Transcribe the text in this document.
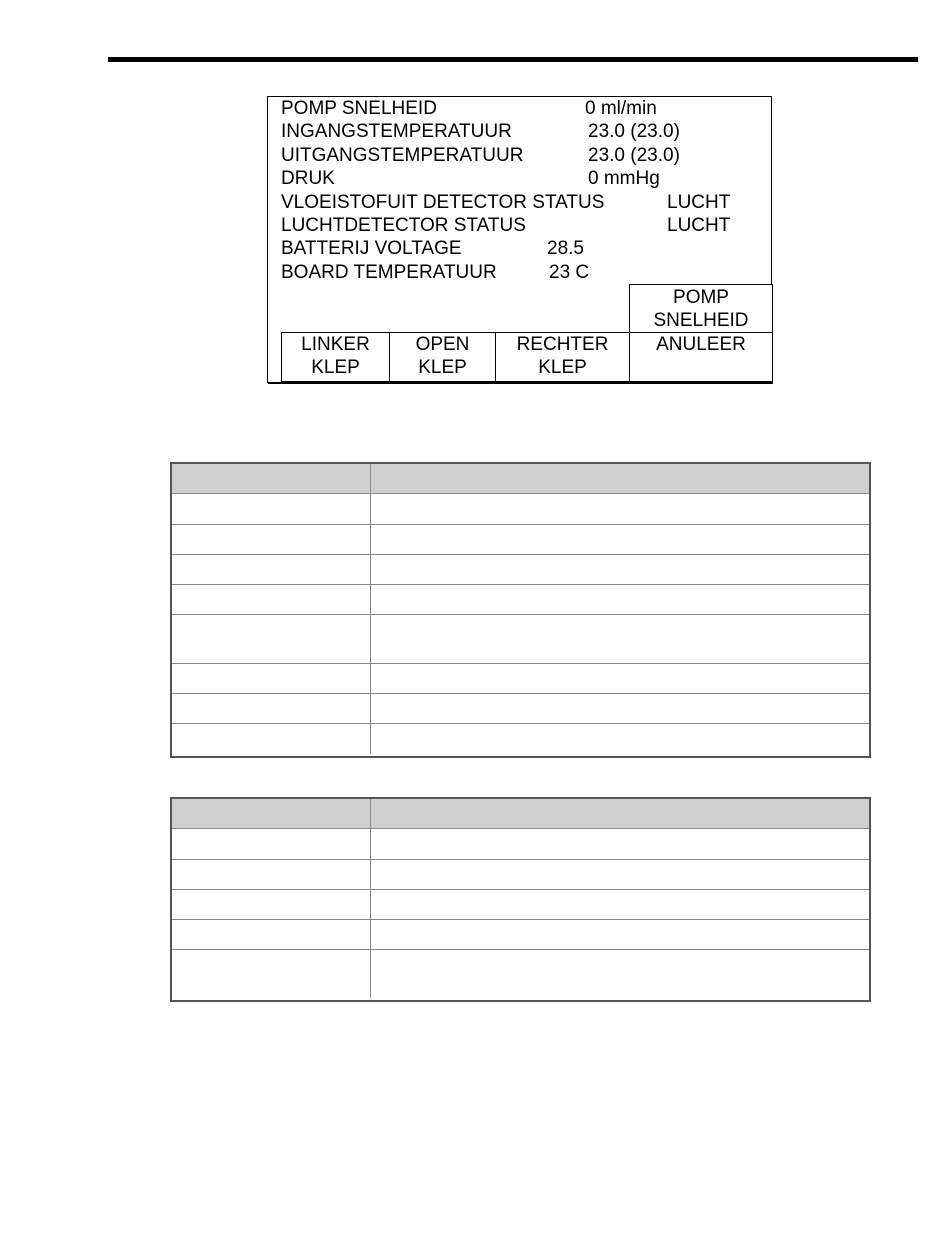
POMP SNELHEID	0 ml/min
INGANGSTEMPERATUUR	23.0 (23.0)
UITGANGSTEMPERATUUR	23.0 (23.0)
DRUK	0 mmHg
VLOEISTOFUIT DETECTOR STATUS	LUCHT
LUCHTDETECTOR STATUS	LUCHT
BATTERIJ VOLTAGE	28.5
BOARD TEMPERATUUR	23 C
POMP
SNELHEID
LINKER
KLEP
OPEN
KLEP
RECHTER
KLEP
ANULEER
